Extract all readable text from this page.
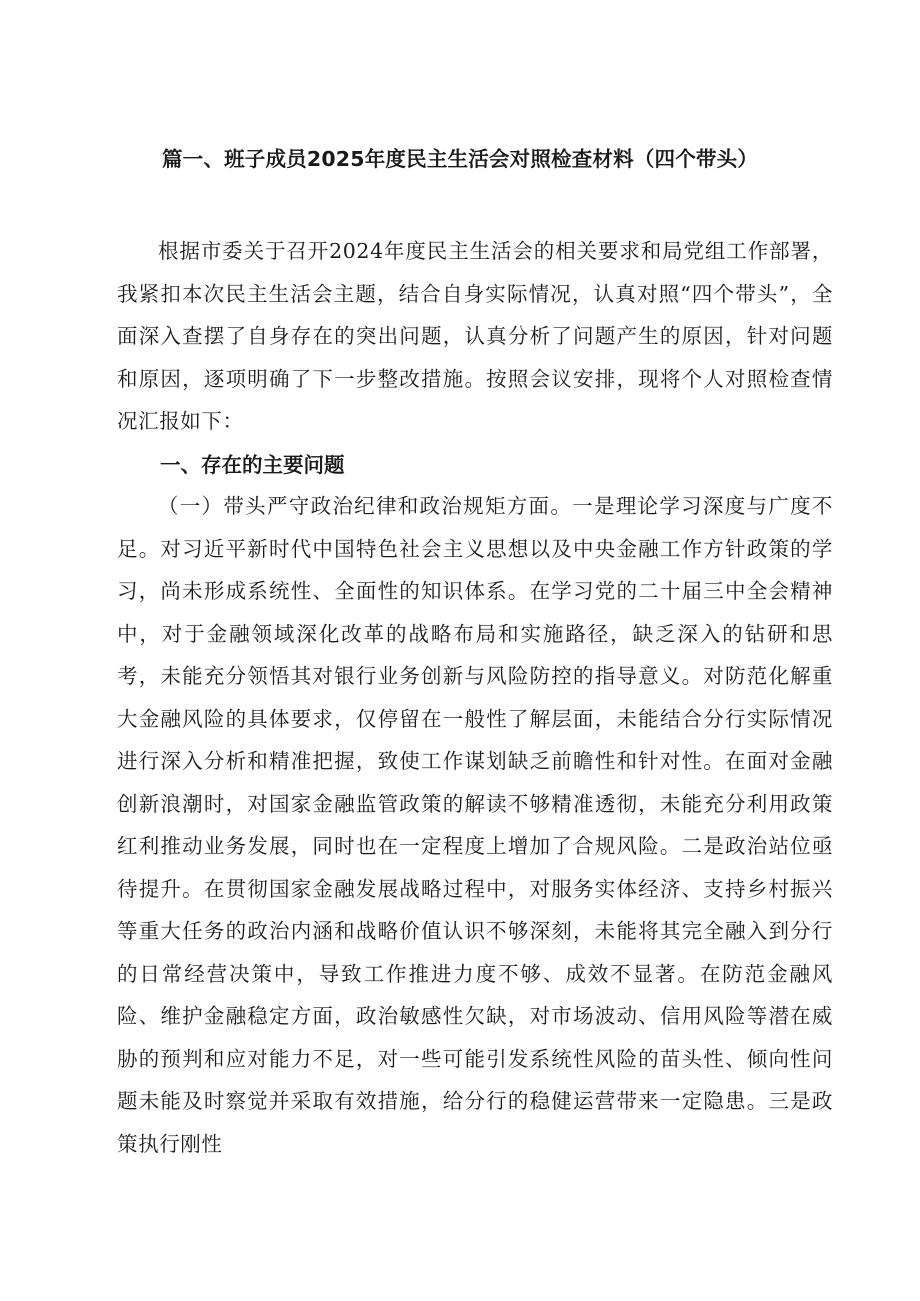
篇一、班子成员2025年度民主生活会对照检查材料（四个带头）

根据市委关于召开2024年度民主生活会的相关要求和局党组工作部署，我紧扣本次民主生活会主题，结合自身实际情况，认真对照“四个带头”，全面深入查摆了自身存在的突出问题，认真分析了问题产生的原因，针对问题和原因，逐项明确了下一步整改措施。按照会议安排，现将个人对照检查情况汇报如下：

一、存在的主要问题

（一）带头严守政治纪律和政治规矩方面。一是理论学习深度与广度不足。对习近平新时代中国特色社会主义思想以及中央金融工作方针政策的学习，尚未形成系统性、全面性的知识体系。在学习党的二十届三中全会精神中，对于金融领域深化改革的战略布局和实施路径，缺乏深入的钻研和思考，未能充分领悟其对银行业务创新与风险防控的指导意义。对防范化解重大金融风险的具体要求，仅停留在一般性了解层面，未能结合分行实际情况进行深入分析和精准把握，致使工作谋划缺乏前瞻性和针对性。在面对金融创新浪潮时，对国家金融监管政策的解读不够精准透彻，未能充分利用政策红利推动业务发展，同时也在一定程度上增加了合规风险。二是政治站位亟待提升。在贯彻国家金融发展战略过程中，对服务实体经济、支持乡村振兴等重大任务的政治内涵和战略价值认识不够深刻，未能将其完全融入到分行的日常经营决策中，导致工作推进力度不够、成效不显著。在防范金融风险、维护金融稳定方面，政治敏感性欠缺，对市场波动、信用风险等潜在威胁的预判和应对能力不足，对一些可能引发系统性风险的苗头性、倾向性问题未能及时察觉并采取有效措施，给分行的稳健运营带来一定隐患。三是政策执行刚性
